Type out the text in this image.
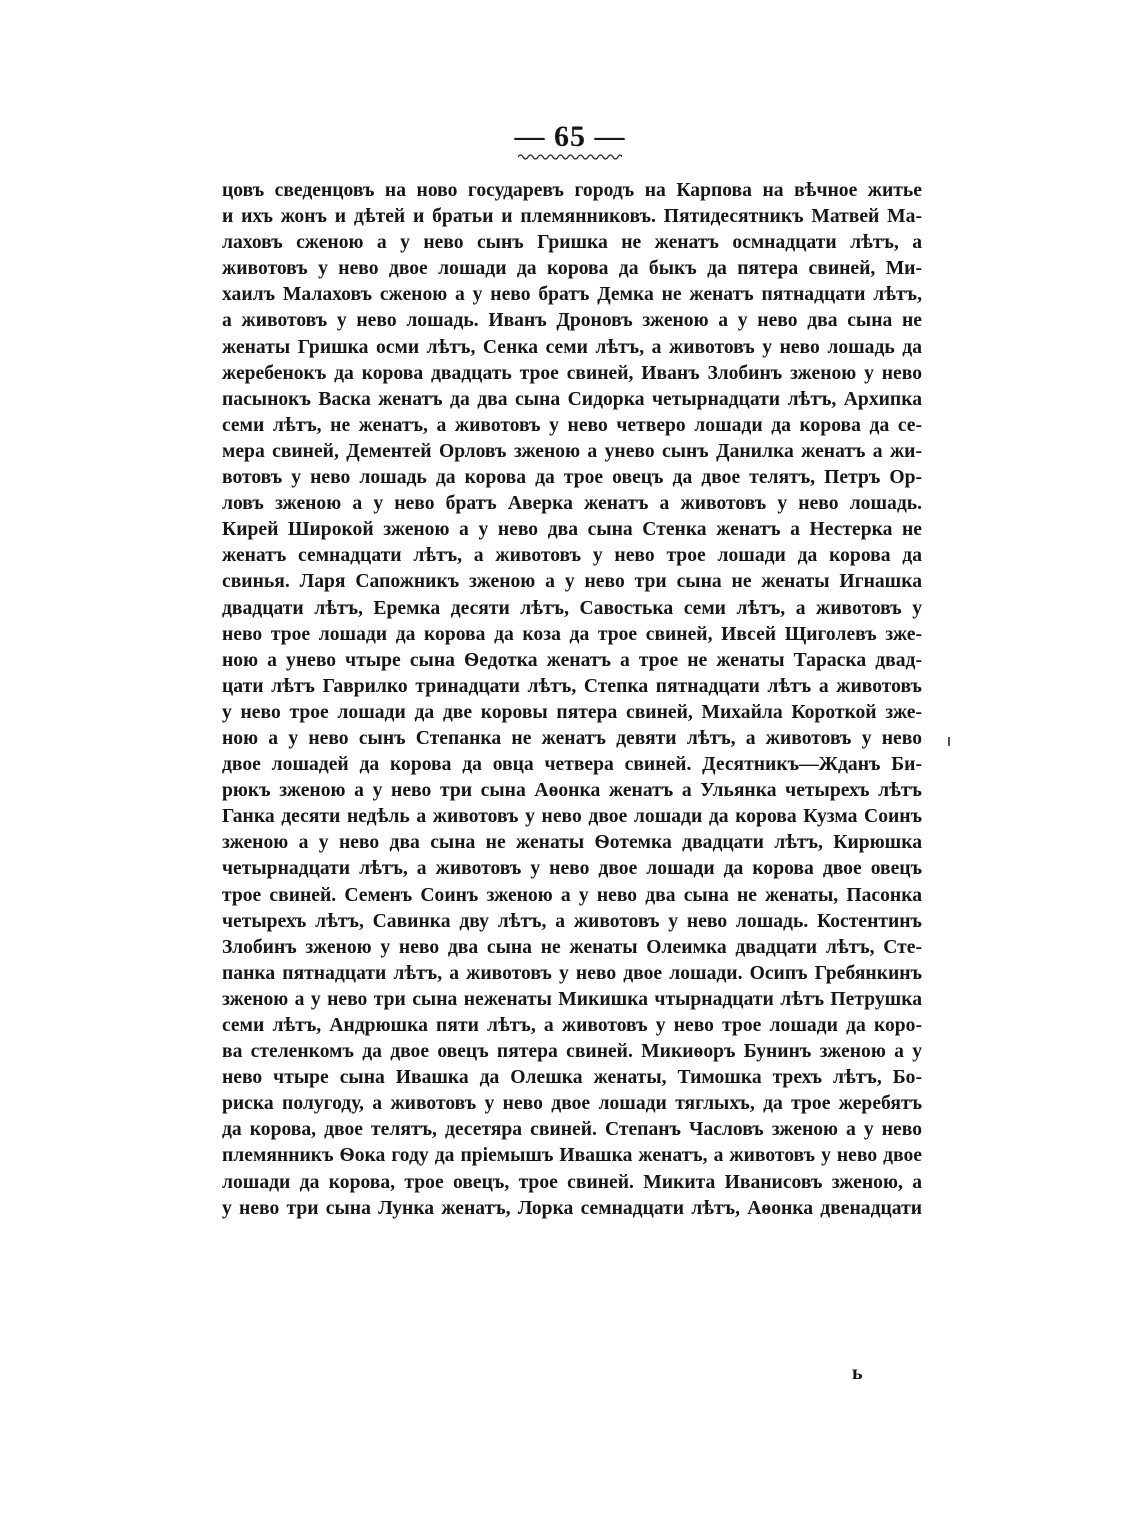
— 65 —
цовъ сведенцовъ на ново государевъ городъ на Карпова на вѣчное житье
и ихъ жонъ и дѣтей и братьи и племянниковъ. Пятидесятникъ Матвей Ма-
лаховъ сженою а у нево сынъ Гришка не женатъ осмнадцати лѣтъ, а
животовъ у нево двое лошади да корова да быкъ да пятера свиней, Ми-
хаилъ Малаховъ сженою а у нево братъ Демка не женатъ пятнадцати лѣтъ,
а животовъ у нево лошадь. Иванъ Дроновъ зженою а у нево два сына не
женаты Гришка осми лѣтъ, Сенка семи лѣтъ, а животовъ у нево лошадь да
жеребенокъ да корова двадцать трое свиней, Иванъ Злобинъ зженою у нево
пасынокъ Васка женатъ да два сына Сидорка четырнадцати лѣтъ, Архипка
семи лѣтъ, не женатъ, а животовъ у нево четверо лошади да корова да се-
мера свиней, Дементей Орловъ зженою а унево сынъ Данилка женатъ а жи-
вотовъ у нево лошадь да корова да трое овецъ да двое телятъ, Петръ Ор-
ловъ зженою а у нево братъ Аверка женатъ а животовъ у нево лошадь.
Кирей Широкой зженою а у нево два сына Стенка женатъ а Нестерка не
женатъ семнадцати лѣтъ, а животовъ у нево трое лошади да корова да
свинья. Ларя Сапожникъ зженою а у нево три сына не женаты Игнашка
двадцати лѣтъ, Еремка десяти лѣтъ, Савостька семи лѣтъ, а животовъ у
нево трое лошади да корова да коза да трое свиней, Ивсей Щиголевъ зже-
ною а унево чтыре сына Ѳедотка женатъ а трое не женаты Тараска двад-
цати лѣтъ Гаврилко тринадцати лѣтъ, Степка пятнадцати лѣтъ а животовъ
у нево трое лошади да две коровы пятера свиней, Михайла Короткой зже-
ною а у нево сынъ Степанка не женатъ девяти лѣтъ, а животовъ у нево
двое лошадей да корова да овца четвера свиней. Десятникъ—Жданъ Би-
рюкъ зженою а у нево три сына Аѳонка женатъ а Ульянка четырехъ лѣтъ
Ганка десяти недѣль а животовъ у нево двое лошади да корова Кузма Соинъ
зженою а у нево два сына не женаты Ѳотемка двадцати лѣтъ, Кирюшка
четырнадцати лѣтъ, а животовъ у нево двое лошади да корова двое овецъ
трое свиней. Семенъ Соинъ зженою а у нево два сына не женаты, Пасонка
четырехъ лѣтъ, Савинка дву лѣтъ, а животовъ у нево лошадь. Костентинъ
Злобинъ зженою у нево два сына не женаты Олеимка двадцати лѣтъ, Сте-
панка пятнадцати лѣтъ, а животовъ у нево двое лошади. Осипъ Гребянкинъ
зженою а у нево три сына неженаты Микишка чтырнадцати лѣтъ Петрушка
семи лѣтъ, Андрюшка пяти лѣтъ, а животовъ у нево трое лошади да коро-
ва стеленкомъ да двое овецъ пятера свиней. Микиѳоръ Бунинъ зженою а у
нево чтыре сына Ивашка да Олешка женаты, Тимошка трехъ лѣтъ, Бо-
риска полугоду, а животовъ у нево двое лошади тяглыхъ, да трое жеребятъ
да корова, двое телятъ, десетяра свиней. Степанъ Часловъ зженою а у нево
племянникъ Ѳока году да пріемышъ Ивашка женатъ, а животовъ у нево двое
лошади да корова, трое овецъ, трое свиней. Микита Иванисовъ зженою, а
у нево три сына Лунка женатъ, Лорка семнадцати лѣтъ, Аѳонка двенадцати
ь
